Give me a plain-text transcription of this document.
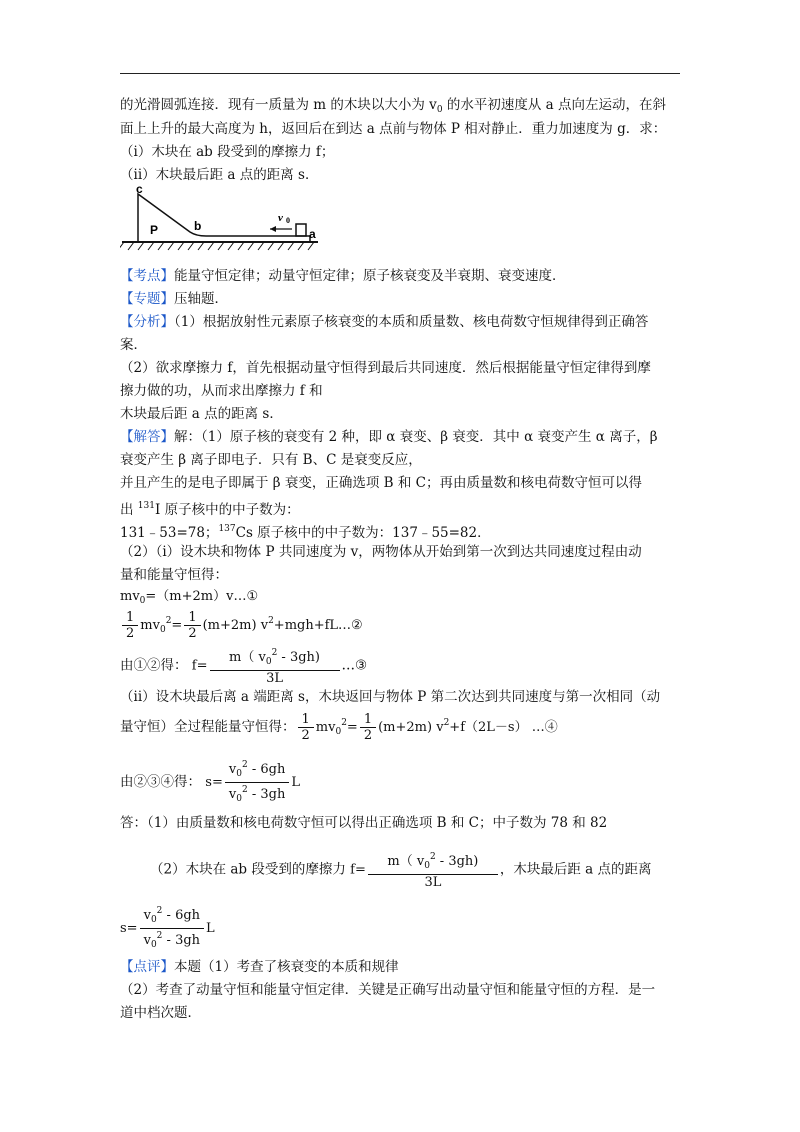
的光滑圆弧连接．现有一质量为 m 的木块以大小为 $v_0$ 的水平初速度从 a 点向左运动，在斜
面上上升的最大高度为 h，返回后在到达 a 点前与物体 P 相对静止．重力加速度为 g．求：
（i）木块在 ab 段受到的摩擦力 f；
（ii）木块最后距 a 点的距离 s．
c
P	b
v 0
a
【考点】能量守恒定律；动量守恒定律；原子核衰变及半衰期、衰变速度．
【专题】压轴题．
【分析】（1）根据放射性元素原子核衰变的本质和质量数、核电荷数守恒规律得到正确答
案．
（2）欲求摩擦力 f，首先根据动量守恒得到最后共同速度．然后根据能量守恒定律得到摩
擦力做的功，从而求出摩擦力 f 和
木块最后距 a 点的距离 s．
【解答】解：（1）原子核的衰变有 2 种，即 α 衰变、β 衰变．其中 α 衰变产生 α 离子，β
衰变产生 β 离子即电子．只有 B、C 是衰变反应，
并且产生的是电子即属于 β 衰变，正确选项 B 和 C；再由质量数和核电荷数守恒可以得
出 $^{131}$I 原子核中的中子数为：
131﹣53=78；$^{137}$Cs 原子核中的中子数为：137﹣55=82．
（2）（i）设木块和物体 P 共同速度为 v，两物体从开始到第一次到达共同速度过程由动
量和能量守恒得：
$mv_0=(m+2m)v\dots ①$
$\frac{1}{2} mv_0^2= \frac{1}{2} (m+2m)$ $v^2+mgh+fL\dots ②$
由①②得： $f= \frac{m( v_0^2 - 3gh)}{3L}$ …③
（ii）设木块最后离 a 端距离 s，木块返回与物体 P 第二次达到共同速度与第一次相同（动
量守恒）全过程能量守恒得： $\frac{1}{2} mv_0^2= \frac{1}{2} (m+2m)$ $v^2+f(2L-s)$ …④
由②③④得： $s= \frac{v_0^2 - 6gh}{v_0^2 - 3gh}$ L
答：（1）由质量数和核电荷数守恒可以得出正确选项 B 和 C；中子数为 78 和 82
（2）木块在 ab 段受到的摩擦力 $f= \frac{m( v_0^2 - 3gh)}{3L}$ ，木块最后距 a 点的距离
$s= \frac{v_0^2 - 6gh}{v_0^2 - 3gh}$ L
【点评】本题（1）考查了核衰变的本质和规律
（2）考查了动量守恒和能量守恒定律．关键是正确写出动量守恒和能量守恒的方程．是一
道中档次题．
